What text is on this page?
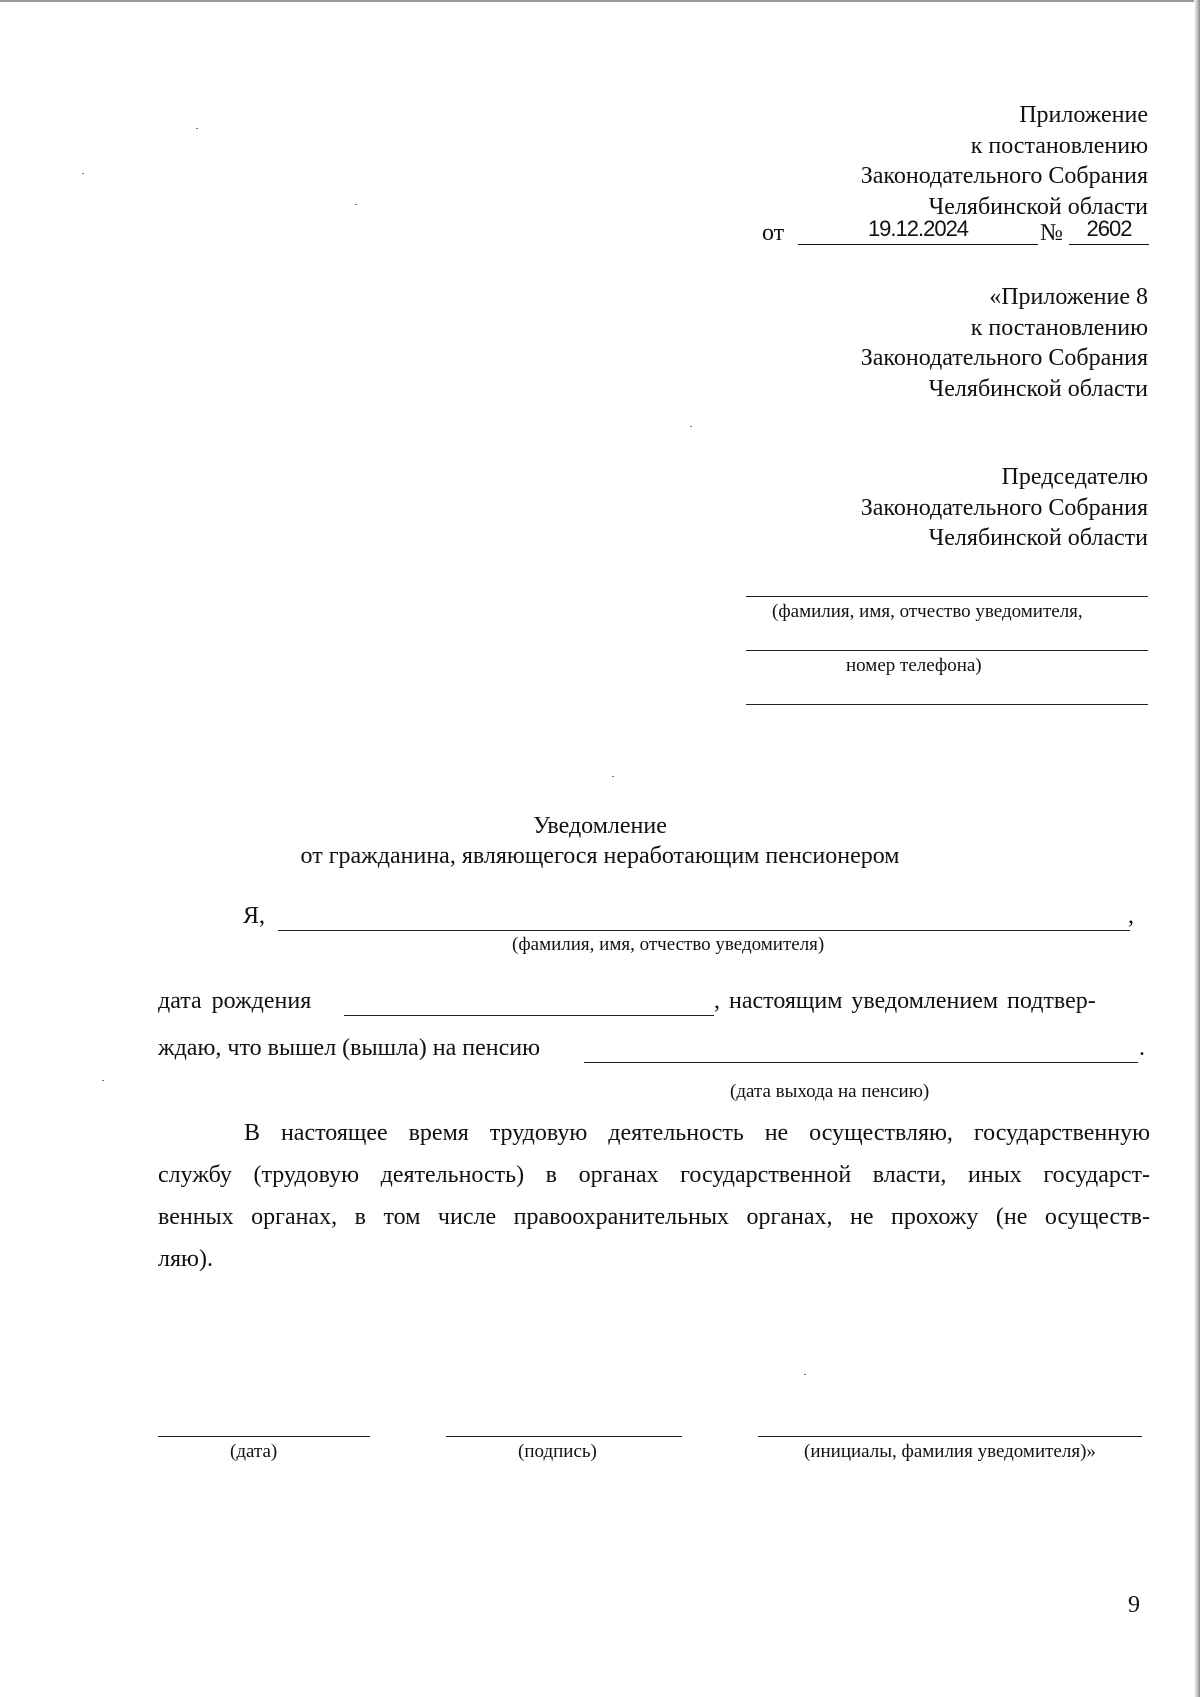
Приложение
к постановлению
Законодательного Собрания
Челябинской области
от	19.12.2024	№	2602
«Приложение 8
к постановлению
Законодательного Собрания
Челябинской области
Председателю
Законодательного Собрания
Челябинской области
(фамилия, имя, отчество уведомителя,
номер телефона)
Уведомление
от гражданина, являющегося неработающим пенсионером
Я,	,
(фамилия, имя, отчество уведомителя)
дата рождения	, настоящим уведомлением подтвер-
ждаю, что вышел (вышла) на пенсию	.
(дата выхода на пенсию)
В настоящее время трудовую деятельность не осуществляю, государственную
службу (трудовую деятельность) в органах государственной власти, иных государст-
венных органах, в том числе правоохранительных органах, не прохожу (не осуществ-
ляю).
(дата)	(подпись)	(инициалы, фамилия уведомителя)»
9
